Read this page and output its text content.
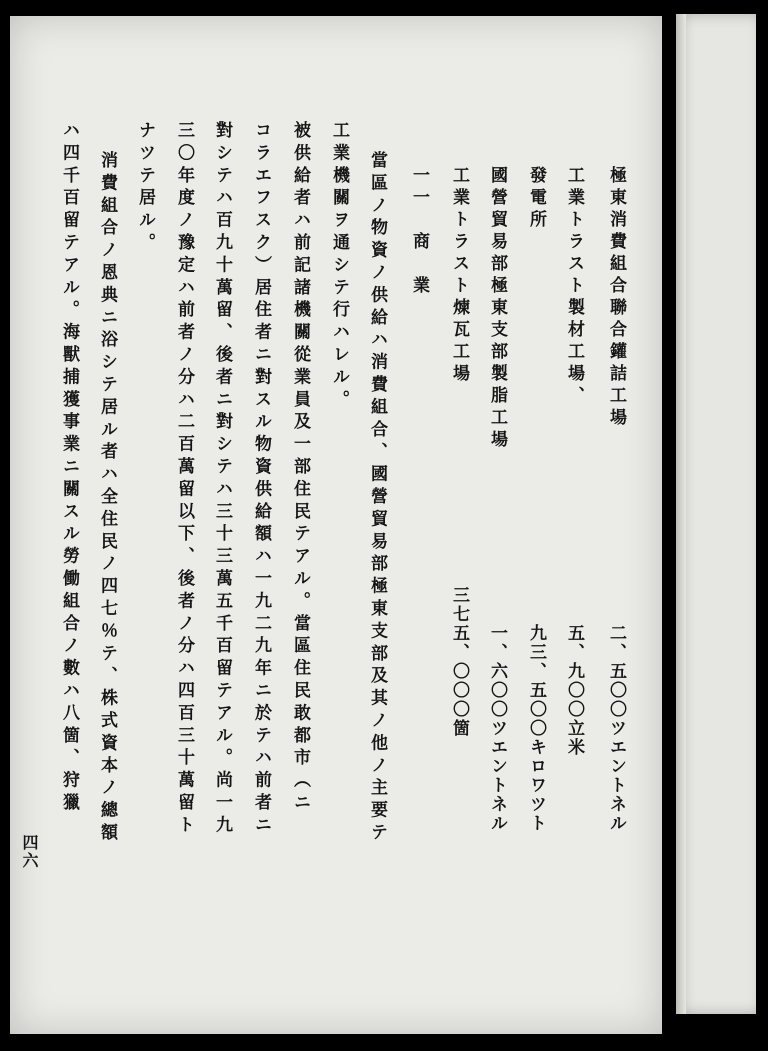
極東消費組合聯合鑵詰工場
工業トラスト製材工場、
發電所
國營貿易部極東支部製脂工場
工業トラスト煉瓦工場
二、五〇〇ツエントネル
五、九〇〇立米
九三、五〇〇キロワツト
一、六〇〇ツエントネル
三七五、〇〇〇箇
一一　商　業
當區ノ物資ノ供給ハ消費組合、國營貿易部極東支部及其ノ他ノ主要テ
工業機關ヲ通シテ行ハレル。
被供給者ハ前記諸機關從業員及一部住民テアル。當區住民敢都市（ニ
コラエフスク）居住者ニ對スル物資供給額ハ一九二九年ニ於テハ前者ニ
對シテハ百九十萬留、後者ニ對シテハ三十三萬五千百留テアル。尚一九
三〇年度ノ豫定ハ前者ノ分ハ二百萬留以下、後者ノ分ハ四百三十萬留ト
ナツテ居ル。
消費組合ノ恩典ニ浴シテ居ル者ハ全住民ノ四七％テ、株式資本ノ總額
ハ四千百留テアル。海獸捕獲事業ニ關スル勞働組合ノ數ハ八箇、狩獵
四六
